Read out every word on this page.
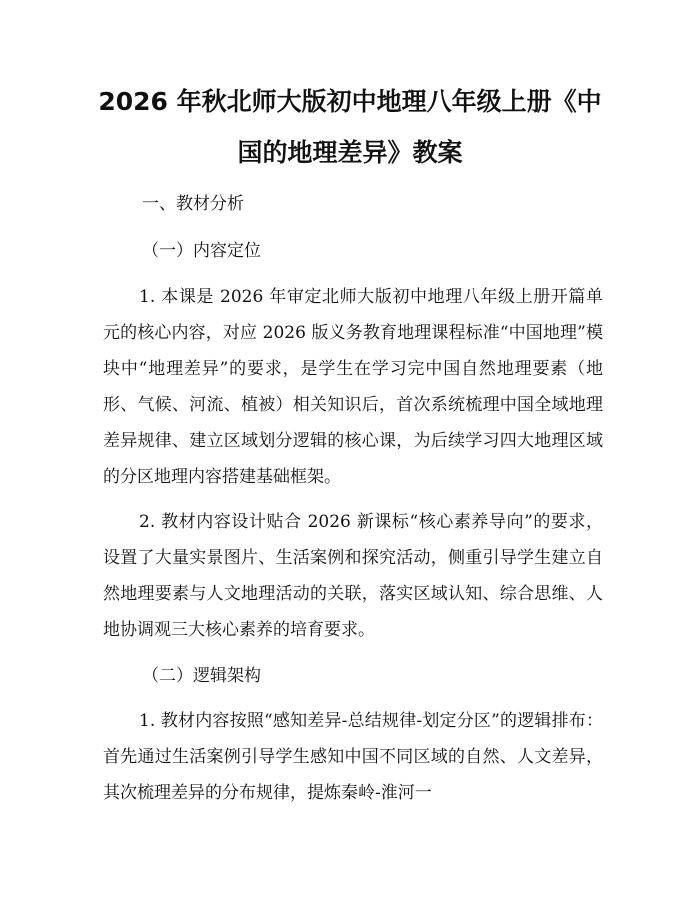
2026 年秋北师大版初中地理八年级上册《中
国的地理差异》教案
一、教材分析
（一）内容定位

1. 本课是 2026 年审定北师大版初中地理八年级上册开篇单元的核心内容，对应 2026 版义务教育地理课程标准“中国地理”模块中“地理差异”的要求，是学生在学习完中国自然地理要素（地形、气候、河流、植被）相关知识后，首次系统梳理中国全域地理差异规律、建立区域划分逻辑的核心课，为后续学习四大地理区域的分区地理内容搭建基础框架。

2. 教材内容设计贴合 2026 新课标“核心素养导向”的要求，设置了大量实景图片、生活案例和探究活动，侧重引导学生建立自然地理要素与人文地理活动的关联，落实区域认知、综合思维、人地协调观三大核心素养的培育要求。

（二）逻辑架构

1. 教材内容按照“感知差异-总结规律-划定分区”的逻辑排布：首先通过生活案例引导学生感知中国不同区域的自然、人文差异，其次梳理差异的分布规律，提炼秦岭-淮河一
